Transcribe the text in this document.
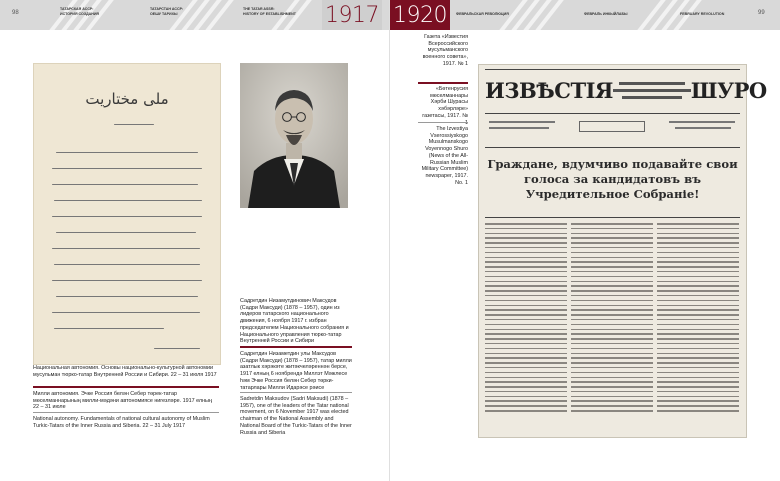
98
ТАТАРСКАЯ АССР:
ИСТОРИЯ СОЗДАНИЯ
ТАТАРСТАН АССР:
ОЕШУ ТАРИХЫ
THE TATAR ASSR:
HISTORY OF ESTABLISHMENT 1917
ملی مختاریت
Национальная автономия. Основы национально-культурной автономии мусульман тюрко-татар Внутренней России и Сибири. 22 – 31 июля 1917
Милли автономия. Эчке Россия белән Себер төрек-татар мөселманнарының милли-мәдәни автономиясе нигезләре. 1917 елның 22 – 31 июле
National autonomy. Fundamentals of national cultural autonomy of Muslim Turkic-Tatars of the Inner Russia and Siberia. 22 – 31 July 1917
Садретдин Низамутдинович Максудов (Садри Максуди) (1878 – 1957), один из лидеров татарского национального движения, 6 ноября 1917 г. избран председателем Национального собрания и Национального управления тюрко-татар Внутренней России и Сибири
Садретдин Низаметдин улы Максудов (Садри Максуди) (1878 – 1957), татар милли азатлык хәрәкәте житәкчеләреннән берсе, 1917 елның 6 ноябрендә Миллэт Мәжлесе һәм Эчке Россия белән Себер төрки-татарлары Милли Идарәсе рәисе
Sadretdin Maksudov (Sadri Maksudi) (1878 – 1957), one of the leaders of the Tatar national movement, on 6 November 1917 was elected chairman of the National Assembly and National Board of the Turkic-Tatars of the Inner Russia and Siberia
1920	ФЕВРАЛЬСКАЯ РЕВОЛЮЦИЯ	ФЕВРАЛЬ ИНКЫЙЛАБЫ	FEBRUARY REVOLUTION	99
Газета «Известия Всероссийского мусульманского военного совета», 1917. № 1
«Бөтенрусия мөселманнары Хәрби Шурасы хәбәрләре» газетасы, 1917. №
The Izvestiya Vserossiyskogo Musulmanskogo Voyennogo Shuro (News of the All-Russian Muslim Military Committee) newspaper, 1917. No. 1
ИЗВѢСТІЯ	ШУРО
Граждане, вдумчиво подавайте свои голоса за кандидатовъ въ Учредительное Собраніе!
